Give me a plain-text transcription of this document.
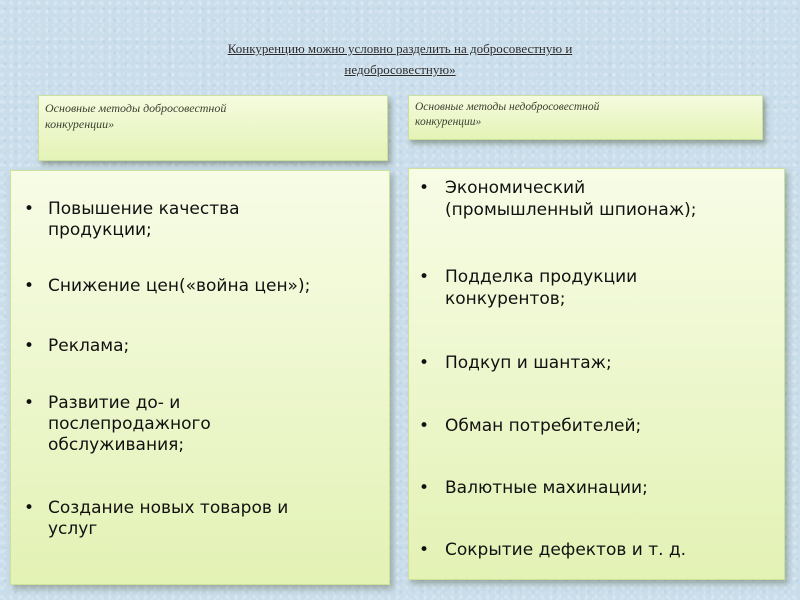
Конкуренцию можно условно разделить на добросовестную и
недобросовестную»
Основные методы добросовестной
конкуренции»
Основные методы недобросовестной
конкуренции»
• Повышение качества
продукции;
• Снижение цен(«война цен»);
• Реклама;
• Развитие до- и
послепродажного
обслуживания;
• Создание новых товаров и
услуг
• Экономический
(промышленный шпионаж);
• Подделка продукции
конкурентов;
• Подкуп и шантаж;
• Обман потребителей;
• Валютные махинации;
• Сокрытие дефектов и т. д.
